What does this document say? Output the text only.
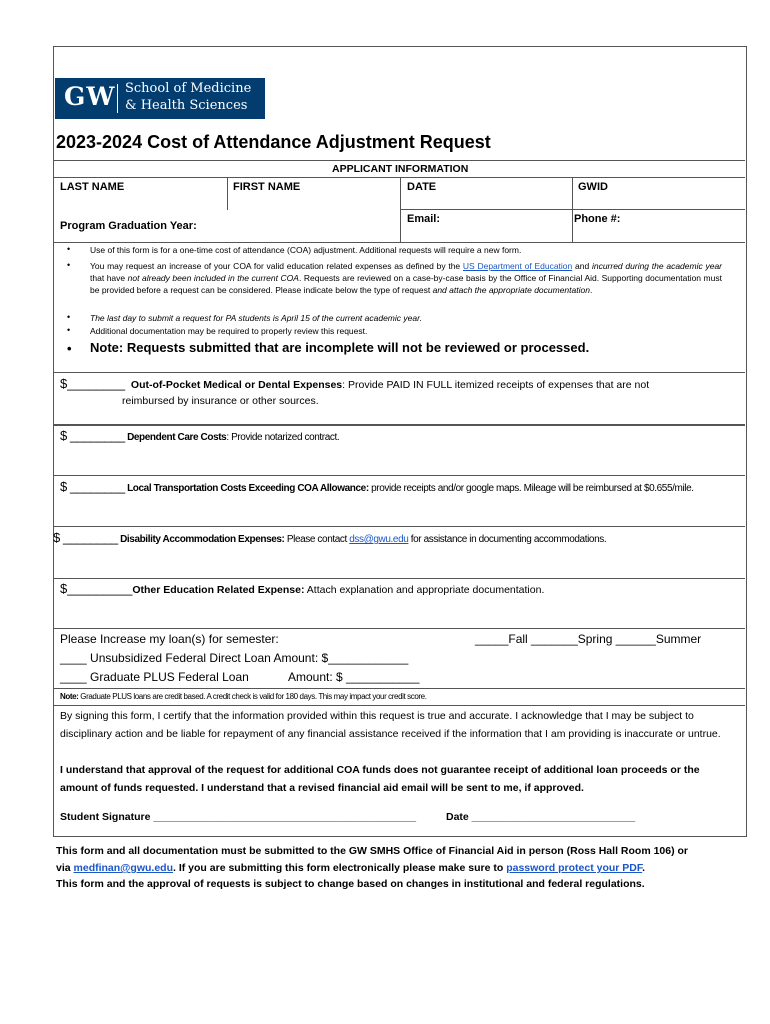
GW School of Medicine
& Health Sciences
2023-2024 Cost of Attendance Adjustment Request
APPLICANT INFORMATION
LAST NAME	FIRST NAME	DATE	GWID
Program Graduation Year:
Email:	Phone #:
• Use of this form is for a one-time cost of attendance (COA) adjustment. Additional requests will require a new form.
• You may request an increase of your COA for valid education related expenses as defined by the US Department of Education and incurred during the academic year that have not already been included in the current COA. Requests are reviewed on a case-by-case basis by the Office of Financial Aid. Supporting documentation must be provided before a request can be considered. Please indicate below the type of request and attach the appropriate documentation.
• The last day to submit a request for PA students is April 15 of the current academic year.
• Additional documentation may be required to properly review this request.
• Note: Requests submitted that are incomplete will not be reviewed or processed.
$________ Out-of-Pocket Medical or Dental Expenses: Provide PAID IN FULL itemized receipts of expenses that are not
reimbursed by insurance or other sources.
$ ________ Dependent Care Costs: Provide notarized contract.
$ ________ Local Transportation Costs Exceeding COA Allowance: provide receipts and/or google maps. Mileage will be reimbursed at $0.655/mile.
$ ________ Disability Accommodation Expenses: Please contact dss@gwu.edu for assistance in documenting accommodations.
$_________Other Education Related Expense: Attach explanation and appropriate documentation.
Please Increase my loan(s) for semester:	_____Fall _______Spring ______Summer
____ Unsubsidized Federal Direct Loan Amount: $____________
____ Graduate PLUS Federal Loan	Amount: $ ___________
Note: Graduate PLUS loans are credit based. A credit check is valid for 180 days. This may impact your credit score.
By signing this form, I certify that the information provided within this request is true and accurate. I acknowledge that I may be subject to disciplinary action and be liable for repayment of any financial assistance received if the information that I am providing is inaccurate or untrue.
I understand that approval of the request for additional COA funds does not guarantee receipt of additional loan proceeds or the amount of funds requested. I understand that a revised financial aid email will be sent to me, if approved.
Student Signature _____________________________________________	Date ____________________________
This form and all documentation must be submitted to the GW SMHS Office of Financial Aid in person (Ross Hall Room 106) or
via medfinan@gwu.edu. If you are submitting this form electronically please make sure to password protect your PDF.
This form and the approval of requests is subject to change based on changes in institutional and federal regulations.
